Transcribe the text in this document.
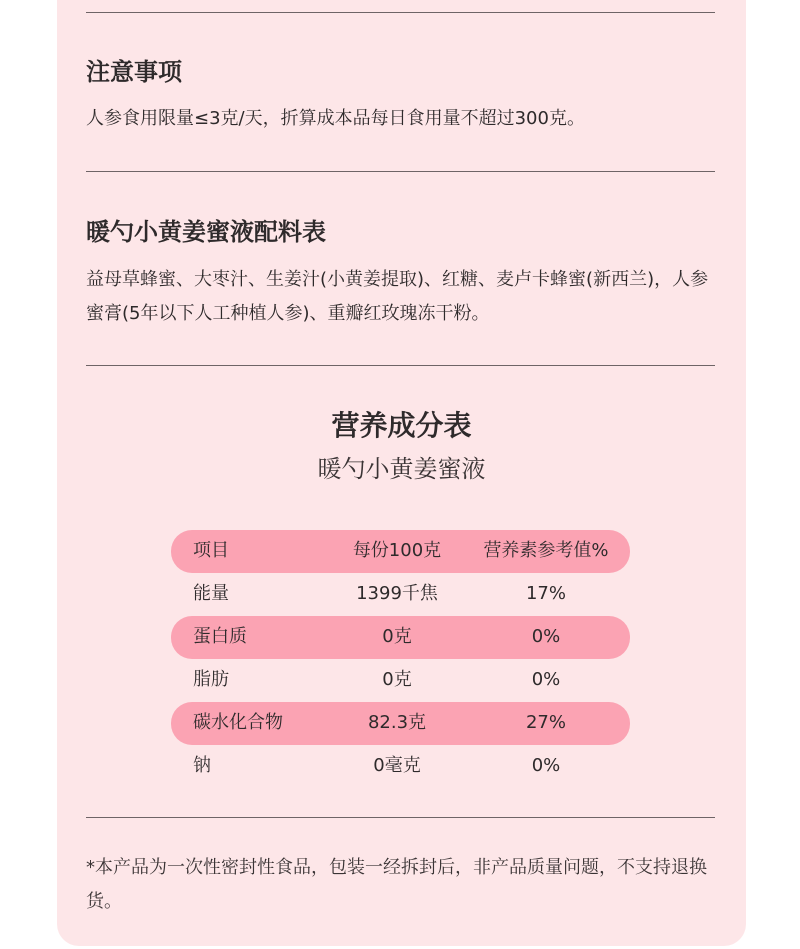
注意事项

人参食用限量≤3克/天，折算成本品每日食用量不超过300克。

暖勺小黄姜蜜液配料表

益母草蜂蜜、大枣汁、生姜汁(小黄姜提取)、红糖、麦卢卡蜂蜜(新西兰)，人参蜜膏(5年以下人工种植人参)、重瓣红玫瑰冻干粉。

营养成分表

暖勺小黄姜蜜液

项目	每份100克	营养素参考值%
能量	1399千焦	17%
蛋白质	0克	0%
脂肪	0克	0%
碳水化合物	82.3克	27%
钠	0毫克	0%

*本产品为一次性密封性食品，包装一经拆封后，非产品质量问题，不支持退换货。
